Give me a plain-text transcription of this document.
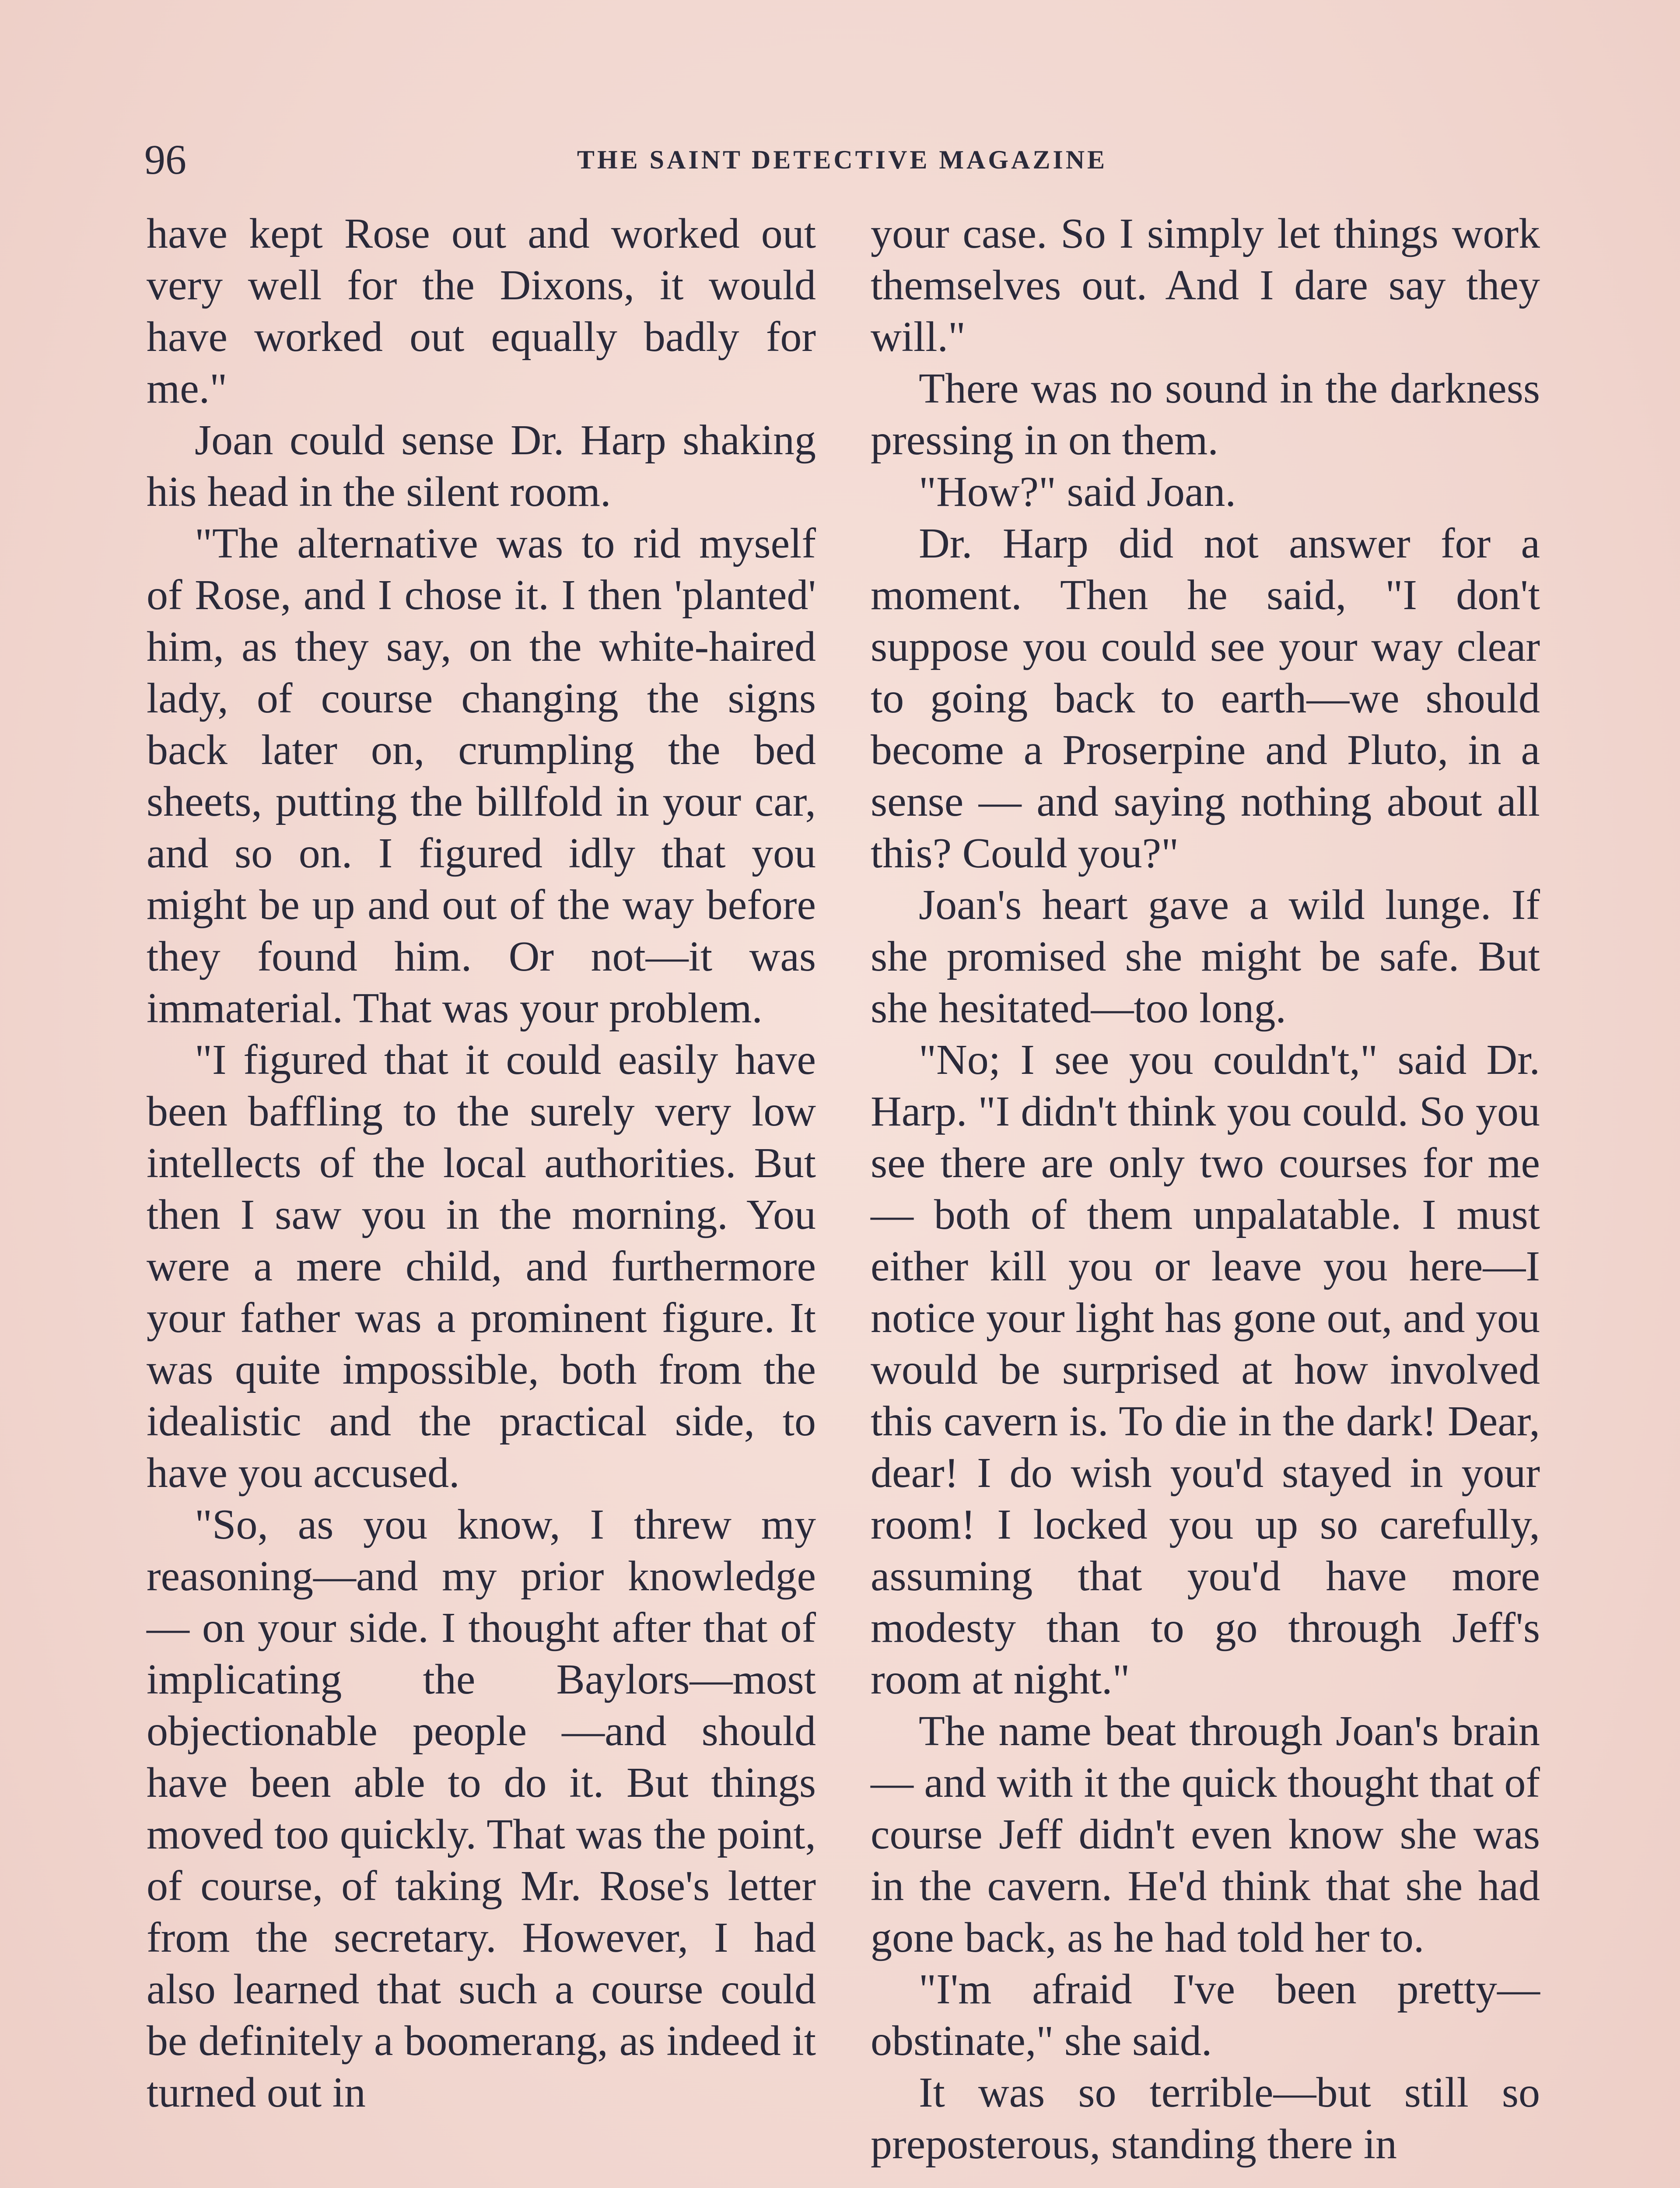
96	THE SAINT DETECTIVE MAGAZINE

have kept Rose out and worked out very well for the Dixons, it would have worked out equally badly for me."

Joan could sense Dr. Harp shaking his head in the silent room.

"The alternative was to rid myself of Rose, and I chose it. I then 'planted' him, as they say, on the white-haired lady, of course changing the signs back later on, crumpling the bed sheets, putting the billfold in your car, and so on. I figured idly that you might be up and out of the way before they found him. Or not—it was immaterial. That was your problem.

"I figured that it could easily have been baffling to the surely very low intellects of the local authorities. But then I saw you in the morning. You were a mere child, and furthermore your father was a prominent figure. It was quite impossible, both from the idealistic and the practical side, to have you accused.

"So, as you know, I threw my reasoning—and my prior knowledge — on your side. I thought after that of implicating the Baylors—most objectionable people —and should have been able to do it. But things moved too quickly. That was the point, of course, of taking Mr. Rose's letter from the secretary. However, I had also learned that such a course could be definitely a boomerang, as indeed it turned out in

your case. So I simply let things work themselves out. And I dare say they will."

There was no sound in the darkness pressing in on them.

"How?" said Joan.

Dr. Harp did not answer for a moment. Then he said, "I don't suppose you could see your way clear to going back to earth—we should become a Proserpine and Pluto, in a sense — and saying nothing about all this? Could you?"

Joan's heart gave a wild lunge. If she promised she might be safe. But she hesitated—too long.

"No; I see you couldn't," said Dr. Harp. "I didn't think you could. So you see there are only two courses for me — both of them unpalatable. I must either kill you or leave you here—I notice your light has gone out, and you would be surprised at how involved this cavern is. To die in the dark! Dear, dear! I do wish you'd stayed in your room! I locked you up so carefully, assuming that you'd have more modesty than to go through Jeff's room at night."

The name beat through Joan's brain — and with it the quick thought that of course Jeff didn't even know she was in the cavern. He'd think that she had gone back, as he had told her to.

"I'm afraid I've been pretty—obstinate," she said.

It was so terrible—but still so preposterous, standing there in
